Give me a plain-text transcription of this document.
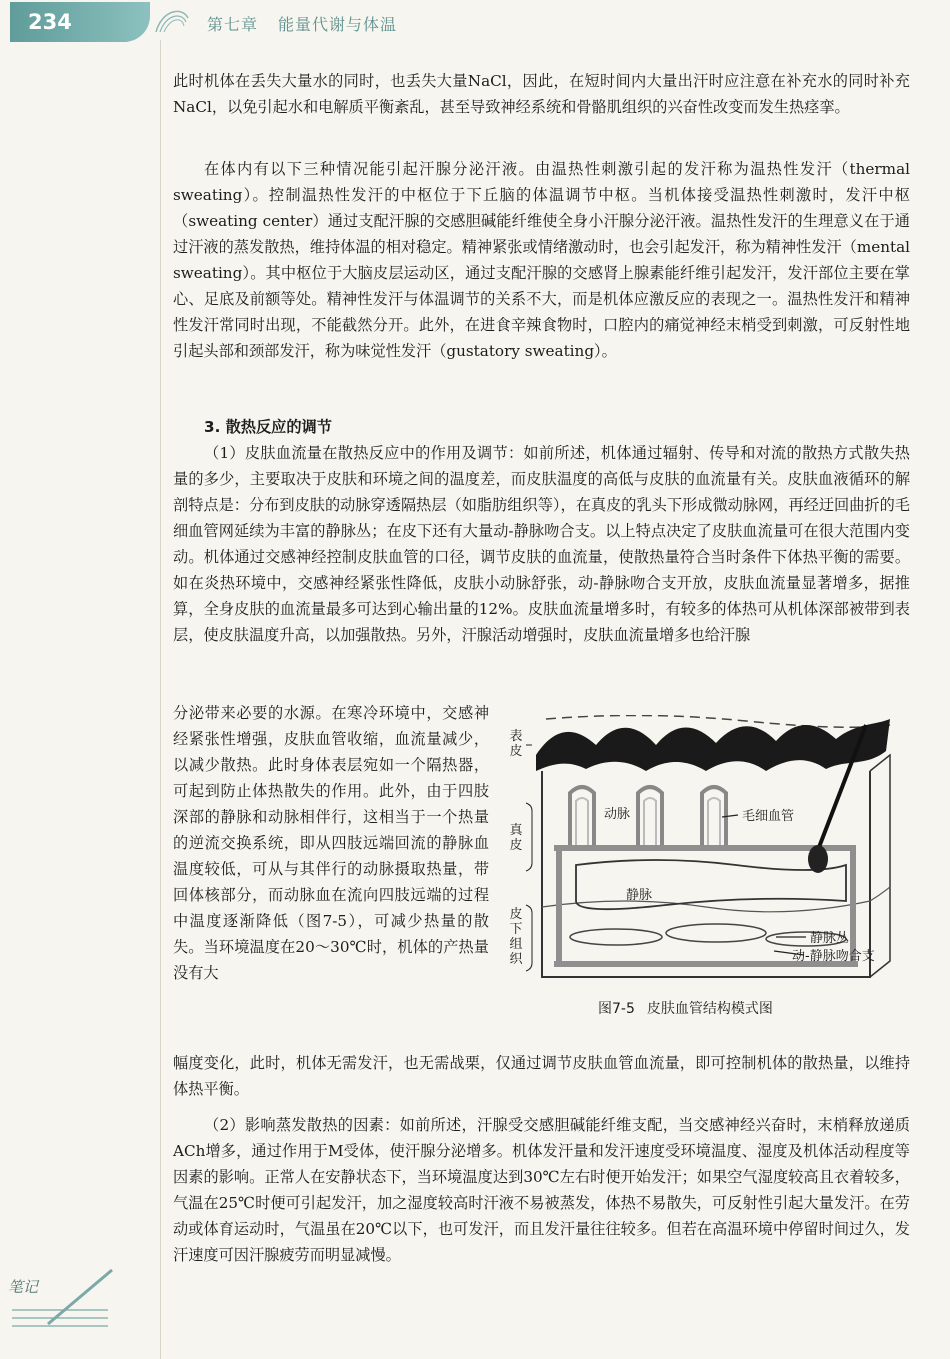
234	第七章 能量代谢与体温

此时机体在丢失大量水的同时，也丢失大量NaCl，因此，在短时间内大量出汗时应注意在补充水的同时补充NaCl，以免引起水和电解质平衡紊乱，甚至导致神经系统和骨骼肌组织的兴奋性改变而发生热痉挛。

在体内有以下三种情况能引起汗腺分泌汗液。由温热性刺激引起的发汗称为温热性发汗（thermal sweating）。控制温热性发汗的中枢位于下丘脑的体温调节中枢。当机体接受温热性刺激时，发汗中枢（sweating center）通过支配汗腺的交感胆碱能纤维使全身小汗腺分泌汗液。温热性发汗的生理意义在于通过汗液的蒸发散热，维持体温的相对稳定。精神紧张或情绪激动时，也会引起发汗，称为精神性发汗（mental sweating）。其中枢位于大脑皮层运动区，通过支配汗腺的交感肾上腺素能纤维引起发汗，发汗部位主要在掌心、足底及前额等处。精神性发汗与体温调节的关系不大，而是机体应激反应的表现之一。温热性发汗和精神性发汗常同时出现，不能截然分开。此外，在进食辛辣食物时，口腔内的痛觉神经末梢受到刺激，可反射性地引起头部和颈部发汗，称为味觉性发汗（gustatory sweating）。

3. 散热反应的调节

（1）皮肤血流量在散热反应中的作用及调节：如前所述，机体通过辐射、传导和对流的散热方式散失热量的多少，主要取决于皮肤和环境之间的温度差，而皮肤温度的高低与皮肤的血流量有关。皮肤血液循环的解剖特点是：分布到皮肤的动脉穿透隔热层（如脂肪组织等），在真皮的乳头下形成微动脉网，再经迂回曲折的毛细血管网延续为丰富的静脉丛；在皮下还有大量动-静脉吻合支。以上特点决定了皮肤血流量可在很大范围内变动。机体通过交感神经控制皮肤血管的口径，调节皮肤的血流量，使散热量符合当时条件下体热平衡的需要。如在炎热环境中，交感神经紧张性降低，皮肤小动脉舒张，动-静脉吻合支开放，皮肤血流量显著增多，据推算，全身皮肤的血流量最多可达到心输出量的12%。皮肤血流量增多时，有较多的体热可从机体深部被带到表层，使皮肤温度升高，以加强散热。另外，汗腺活动增强时，皮肤血流量增多也给汗腺

分泌带来必要的水源。在寒冷环境中，交感神经紧张性增强，皮肤血管收缩，血流量减少，以减少散热。此时身体表层宛如一个隔热器，可起到防止体热散失的作用。此外，由于四肢深部的静脉和动脉相伴行，这相当于一个热量的逆流交换系统，即从四肢远端回流的静脉血温度较低，可从与其伴行的动脉摄取热量，带回体核部分，而动脉血在流向四肢远端的过程中温度逐渐降低（图7-5），可减少热量的散失。当环境温度在20～30℃时，机体的产热量没有大

幅度变化，此时，机体无需发汗，也无需战栗，仅通过调节皮肤血管血流量，即可控制机体的散热量，以维持体热平衡。

（2）影响蒸发散热的因素：如前所述，汗腺受交感胆碱能纤维支配，当交感神经兴奋时，末梢释放递质ACh增多，通过作用于M受体，使汗腺分泌增多。机体发汗量和发汗速度受环境温度、湿度及机体活动程度等因素的影响。正常人在安静状态下，当环境温度达到30℃左右时便开始发汗；如果空气湿度较高且衣着较多，气温在25℃时便可引起发汗，加之湿度较高时汗液不易被蒸发，体热不易散失，可反射性引起大量发汗。在劳动或体育运动时，气温虽在20℃以下，也可发汗，而且发汗量往往较多。但若在高温环境中停留时间过久，发汗速度可因汗腺疲劳而明显减慢。

表皮
真皮
皮下组织
动脉	毛细血管
静脉
静脉丛
动-静脉吻合支
图7-5 皮肤血管结构模式图
笔记
